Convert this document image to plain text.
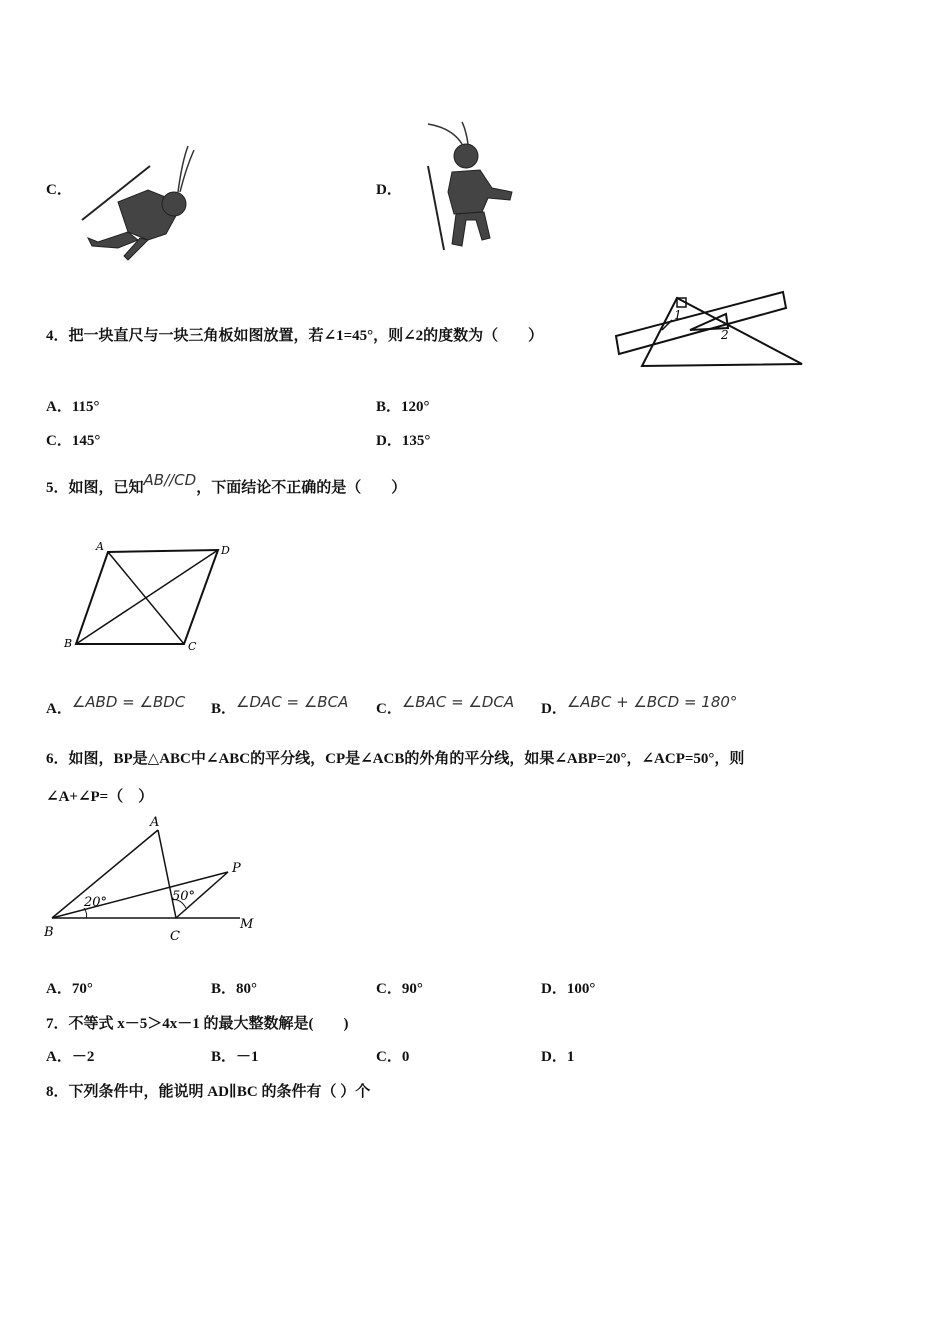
C．	D．
4．把一块直尺与一块三角板如图放置，若∠1=45°，则∠2的度数为（　　）
1
2
A．115°	B．120°
C．145°	D．135°
5．如图，已知AB//CD，下面结论不正确的是（　　）
A	D
B	C
A．∠ABD = ∠BDC B．∠DAC = ∠BCA C．∠BAC = ∠DCA D．∠ABC + ∠BCD = 180°
6．如图，BP是△ABC中∠ABC的平分线，CP是∠ACB的外角的平分线，如果∠ABP=20°，∠ACP=50°，则
∠A+∠P=（　）
A
B	C
P
M
20°	50°
A．70°	B．80°	C．90°	D．100°
7．不等式 x－5＞4x－1 的最大整数解是(　　)
A．－2	B．－1	C．0	D．1
8．下列条件中，能说明 AD∥BC 的条件有（ ）个
